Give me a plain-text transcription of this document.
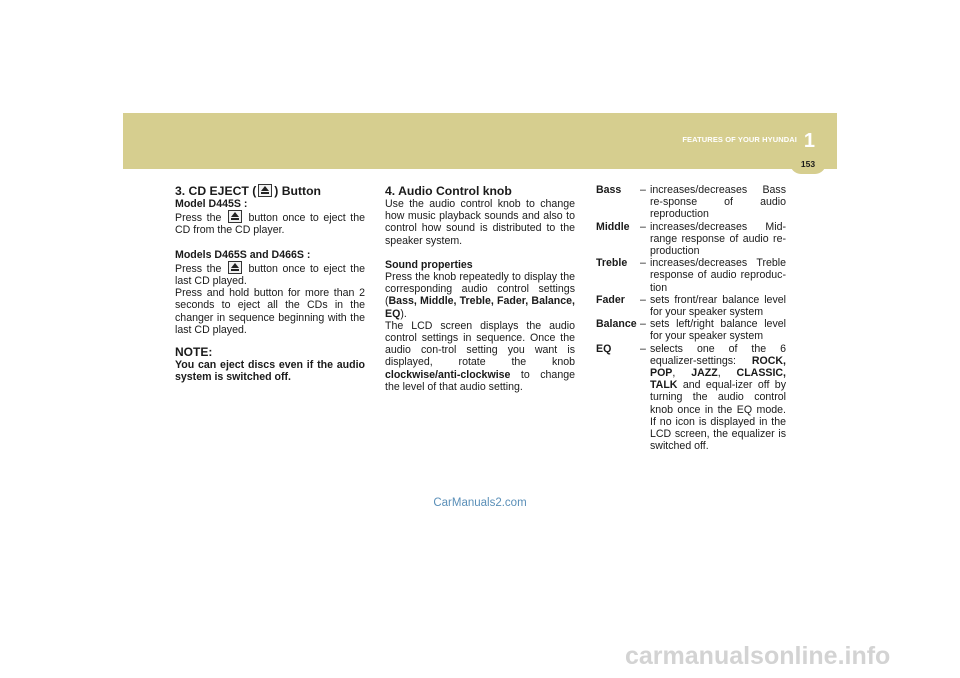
FEATURES OF YOUR HYUNDAI 1
153
3. CD EJECT ( ) Button
Model D445S :

Press the  button once to eject the CD from the CD player.

Models D465S and D466S :

Press the  button once to eject the last CD played.

Press and hold button for more than 2 seconds to eject all the CDs in the changer in sequence beginning with the last CD played.

NOTE:

You can eject discs even if the audio system is switched off.

4. Audio Control knob

Use the audio control knob to change how music playback sounds and also to control how sound is distributed to the speaker system.

Sound properties

Press the knob repeatedly to display the corresponding audio control settings (Bass, Middle, Treble, Fader, Balance, EQ).

The LCD screen displays the audio control settings in sequence. Once the audio con-trol setting you want is displayed, rotate the knob clockwise/anti-clockwise to change the level of that audio setting.

Bass	– increases/decreases Bass re-sponse of audio reproduction
Middle – increases/decreases Mid-range response of audio re-production
Treble	– increases/decreases Treble response of audio reproduc-tion
Fader	– sets front/rear balance level for your speaker system
Balance – sets left/right balance level for your speaker system
EQ	– selects one of the 6 equalizer-settings: ROCK, POP, JAZZ, CLASSIC, TALK and equal-izer off by turning the audio control knob once in the EQ mode. If no icon is displayed in the LCD screen, the equalizer is switched off.
CarManuals2.com
carmanualsonline.info
